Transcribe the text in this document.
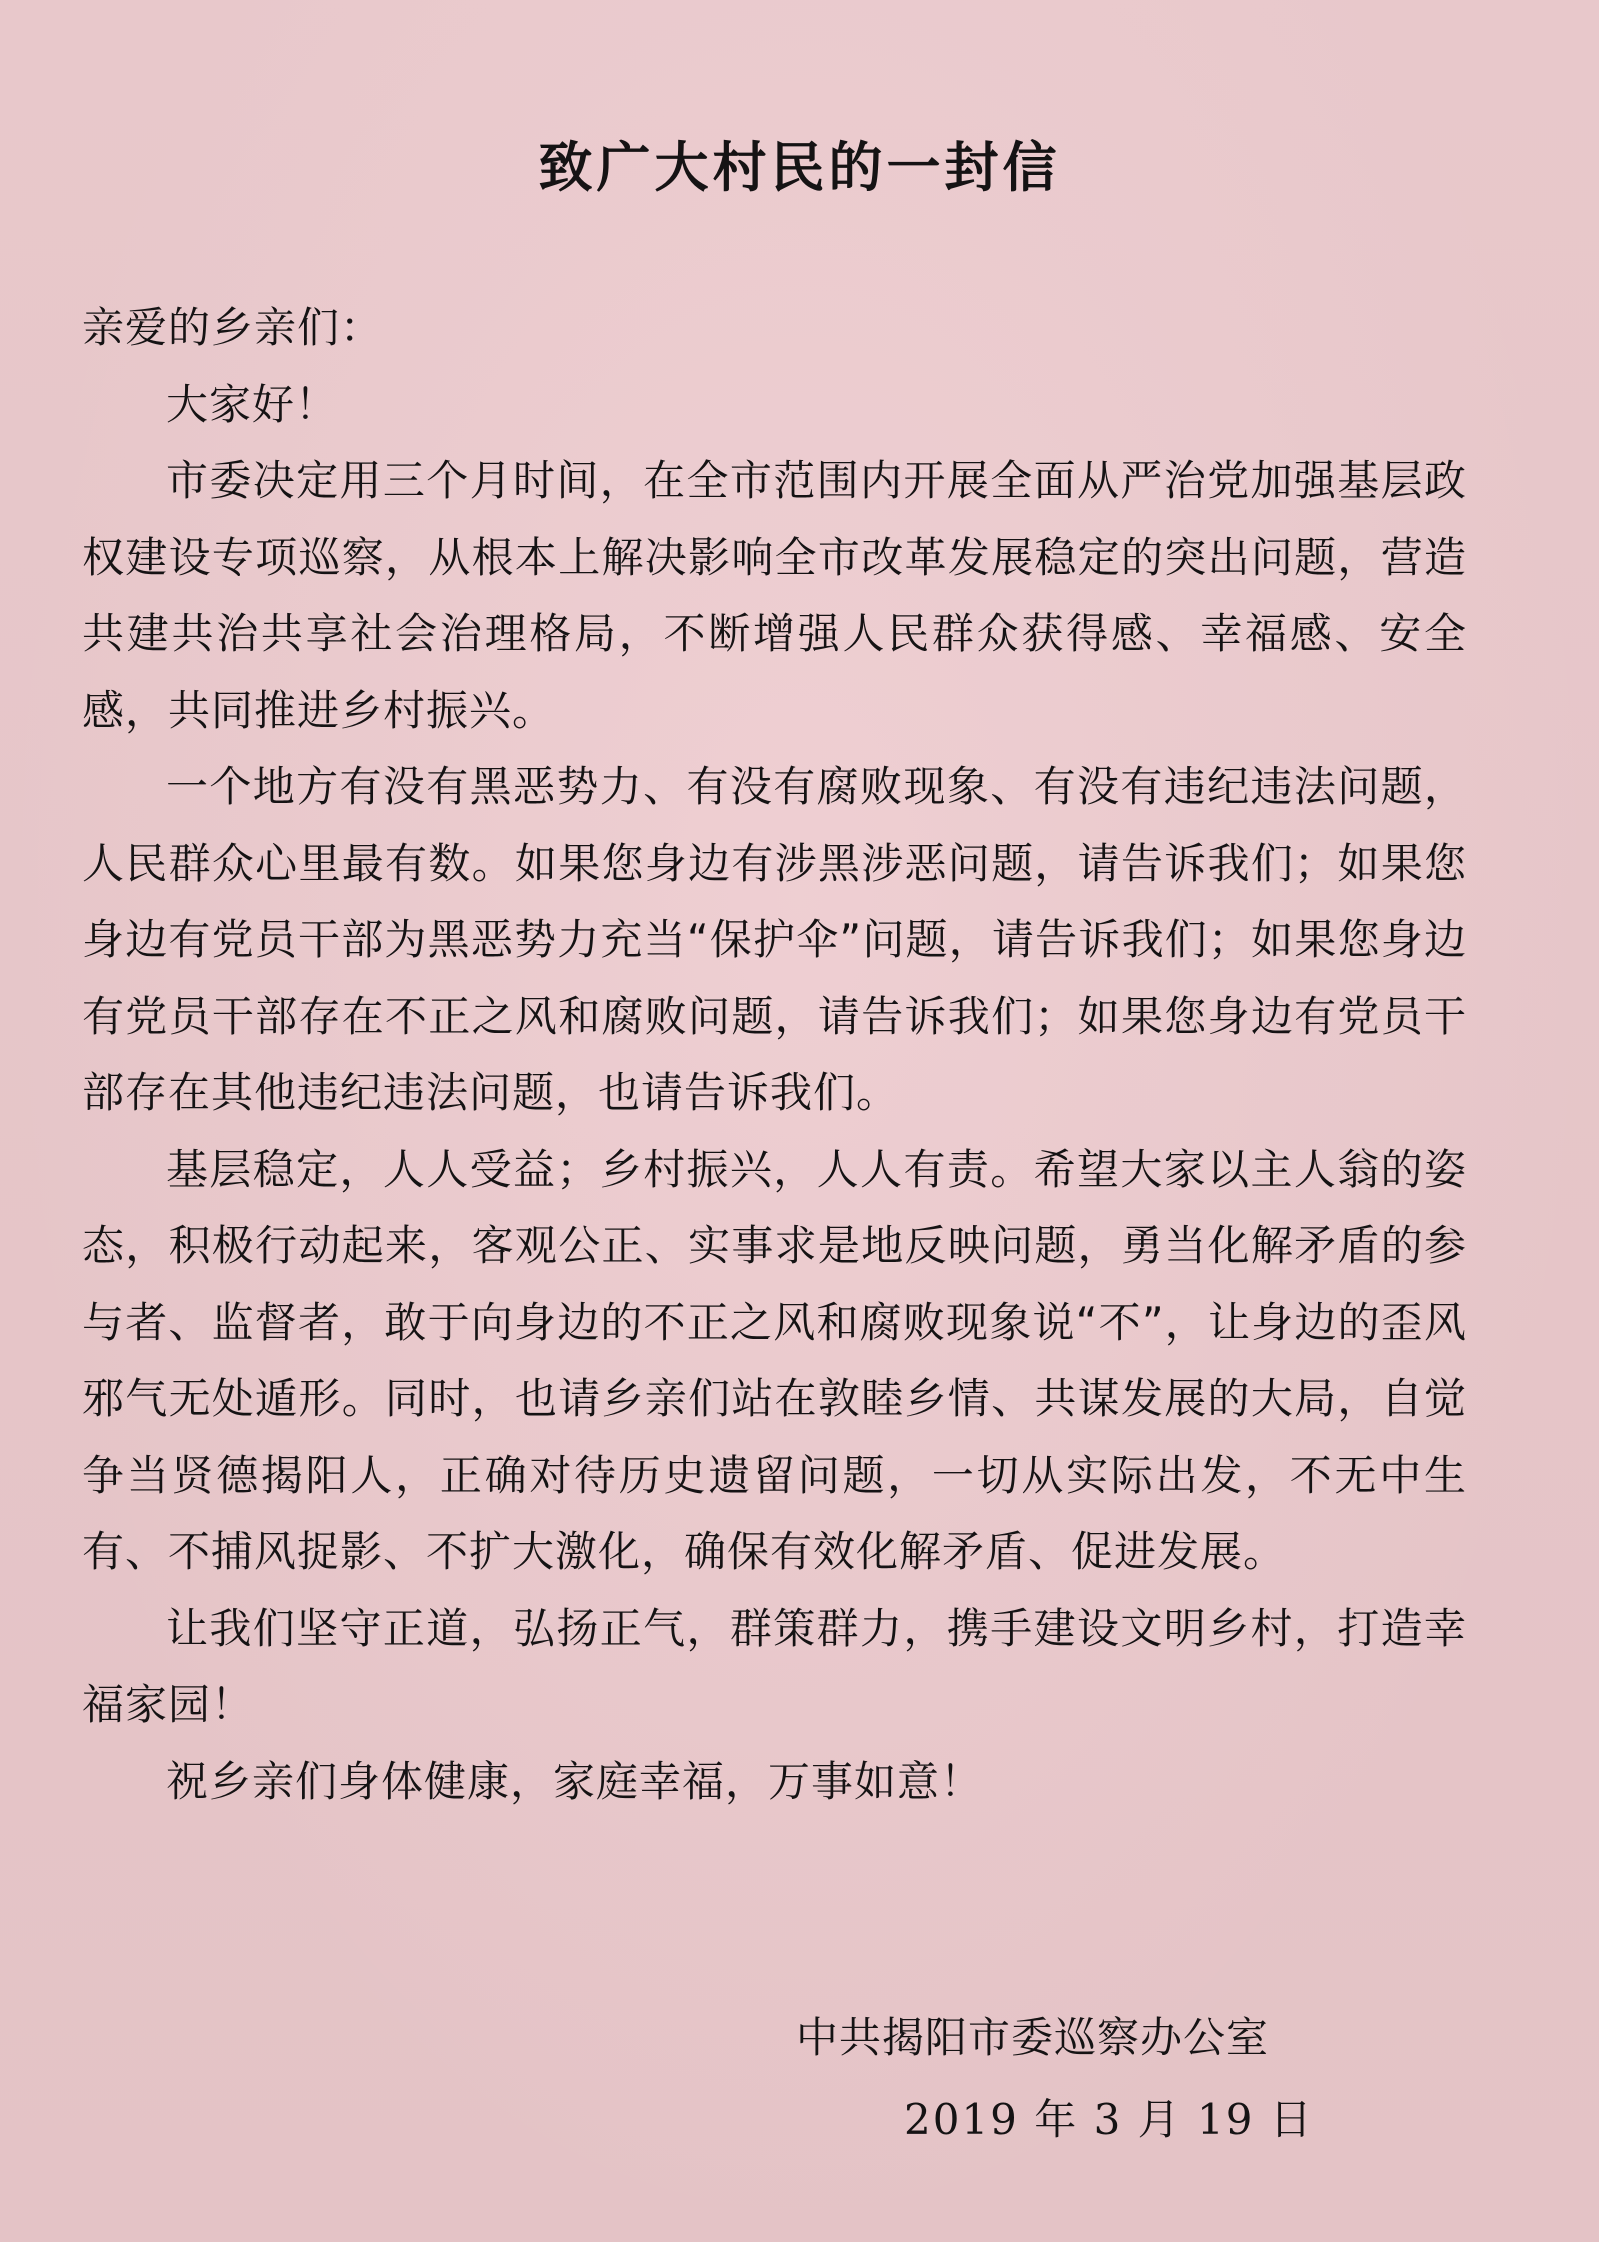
致广大村民的一封信

亲爱的乡亲们：

大家好！

市委决定用三个月时间，在全市范围内开展全面从严治党加强基层政权建设专项巡察，从根本上解决影响全市改革发展稳定的突出问题，营造共建共治共享社会治理格局，不断增强人民群众获得感、幸福感、安全感，共同推进乡村振兴。

一个地方有没有黑恶势力、有没有腐败现象、有没有违纪违法问题，人民群众心里最有数。如果您身边有涉黑涉恶问题，请告诉我们；如果您身边有党员干部为黑恶势力充当“保护伞”问题，请告诉我们；如果您身边有党员干部存在不正之风和腐败问题，请告诉我们；如果您身边有党员干部存在其他违纪违法问题，也请告诉我们。

基层稳定，人人受益；乡村振兴，人人有责。希望大家以主人翁的姿态，积极行动起来，客观公正、实事求是地反映问题，勇当化解矛盾的参与者、监督者，敢于向身边的不正之风和腐败现象说“不”，让身边的歪风邪气无处遁形。同时，也请乡亲们站在敦睦乡情、共谋发展的大局，自觉争当贤德揭阳人，正确对待历史遗留问题，一切从实际出发，不无中生有、不捕风捉影、不扩大激化，确保有效化解矛盾、促进发展。

让我们坚守正道，弘扬正气，群策群力，携手建设文明乡村，打造幸福家园！

祝乡亲们身体健康，家庭幸福，万事如意！

中共揭阳市委巡察办公室
2019 年 3 月 19 日
